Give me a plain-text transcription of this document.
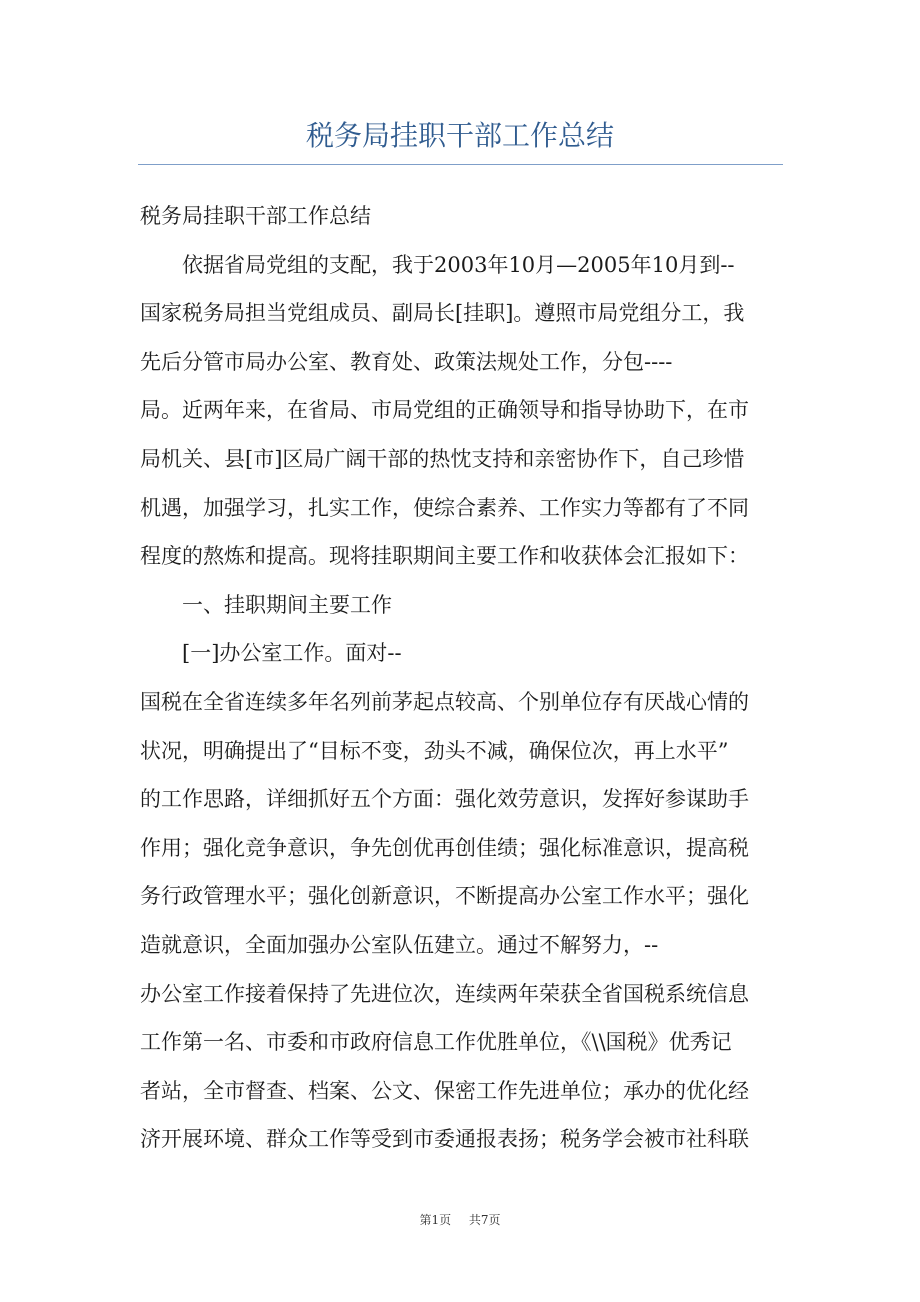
税务局挂职干部工作总结
税务局挂职干部工作总结
依据省局党组的支配，我于2003年10月—2005年10月到--
国家税务局担当党组成员、副局长[挂职]。遵照市局党组分工，我
先后分管市局办公室、教育处、政策法规处工作，分包----
局。近两年来，在省局、市局党组的正确领导和指导协助下，在市
局机关、县[市]区局广阔干部的热忱支持和亲密协作下，自己珍惜
机遇，加强学习，扎实工作，使综合素养、工作实力等都有了不同
程度的熬炼和提高。现将挂职期间主要工作和收获体会汇报如下：
一、挂职期间主要工作
[一]办公室工作。面对--
国税在全省连续多年名列前茅起点较高、个别单位存有厌战心情的
状况，明确提出了“目标不变，劲头不减，确保位次，再上水平”
的工作思路，详细抓好五个方面：强化效劳意识，发挥好参谋助手
作用；强化竞争意识，争先创优再创佳绩；强化标准意识，提高税
务行政管理水平；强化创新意识，不断提高办公室工作水平；强化
造就意识，全面加强办公室队伍建立。通过不解努力，--
办公室工作接着保持了先进位次，连续两年荣获全省国税系统信息
工作第一名、市委和市政府信息工作优胜单位，《\\国税》优秀记
者站，全市督查、档案、公文、保密工作先进单位；承办的优化经
济开展环境、群众工作等受到市委通报表扬；税务学会被市社科联
第1页 共7页
